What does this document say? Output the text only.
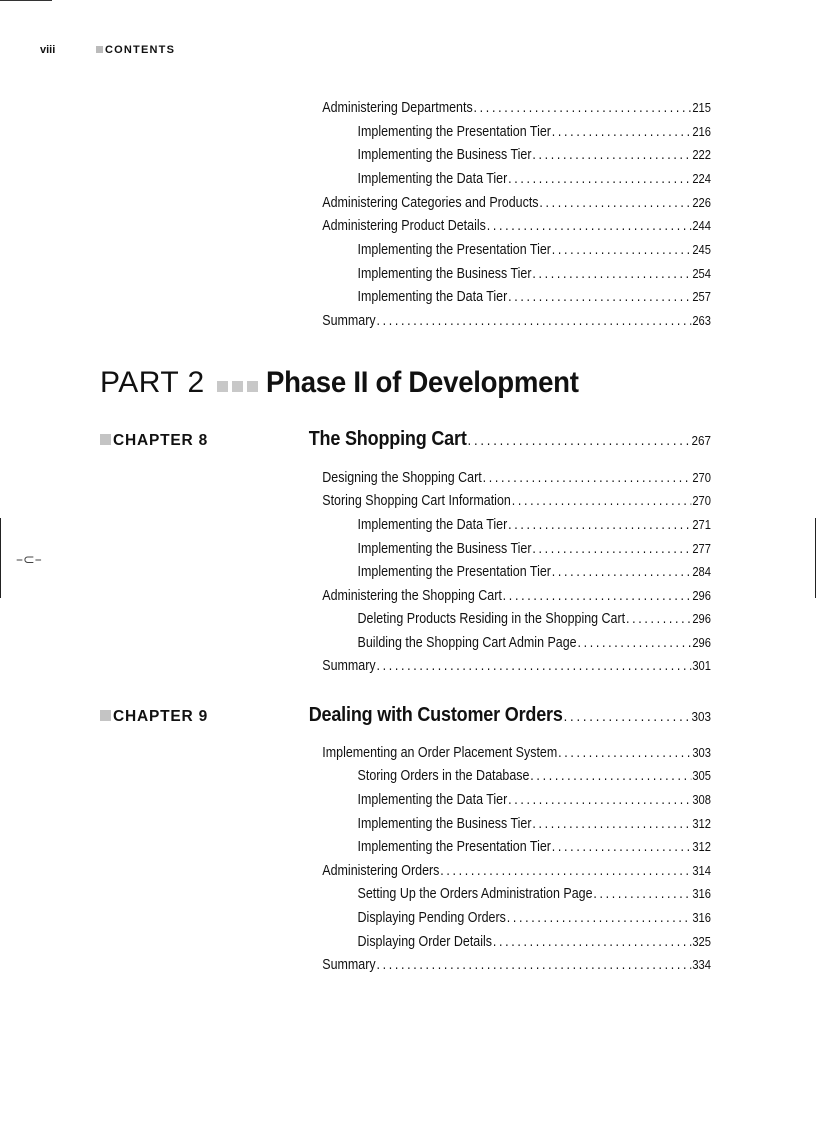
viii	CONTENTS
–⊂–
Administering Departments .....	215
Implementing the Presentation Tier .....	216
Implementing the Business Tier .....	222
Implementing the Data Tier .....	224
Administering Categories and Products .....	226
Administering Product Details .....	244
Implementing the Presentation Tier .....	245
Implementing the Business Tier .....	254
Implementing the Data Tier .....	257
Summary .....	263
PART 2 Phase II of Development
CHAPTER 8	The Shopping Cart .....	267
Designing the Shopping Cart .....	270
Storing Shopping Cart Information .....	270
Implementing the Data Tier .....	271
Implementing the Business Tier .....	277
Implementing the Presentation Tier .....	284
Administering the Shopping Cart .....	296
Deleting Products Residing in the Shopping Cart .....	296
Building the Shopping Cart Admin Page .....	296
Summary .....	301
CHAPTER 9	Dealing with Customer Orders .....	303
Implementing an Order Placement System .....	303
Storing Orders in the Database .....	305
Implementing the Data Tier .....	308
Implementing the Business Tier .....	312
Implementing the Presentation Tier .....	312
Administering Orders .....	314
Setting Up the Orders Administration Page .....	316
Displaying Pending Orders .....	316
Displaying Order Details .....	325
Summary .....	334
